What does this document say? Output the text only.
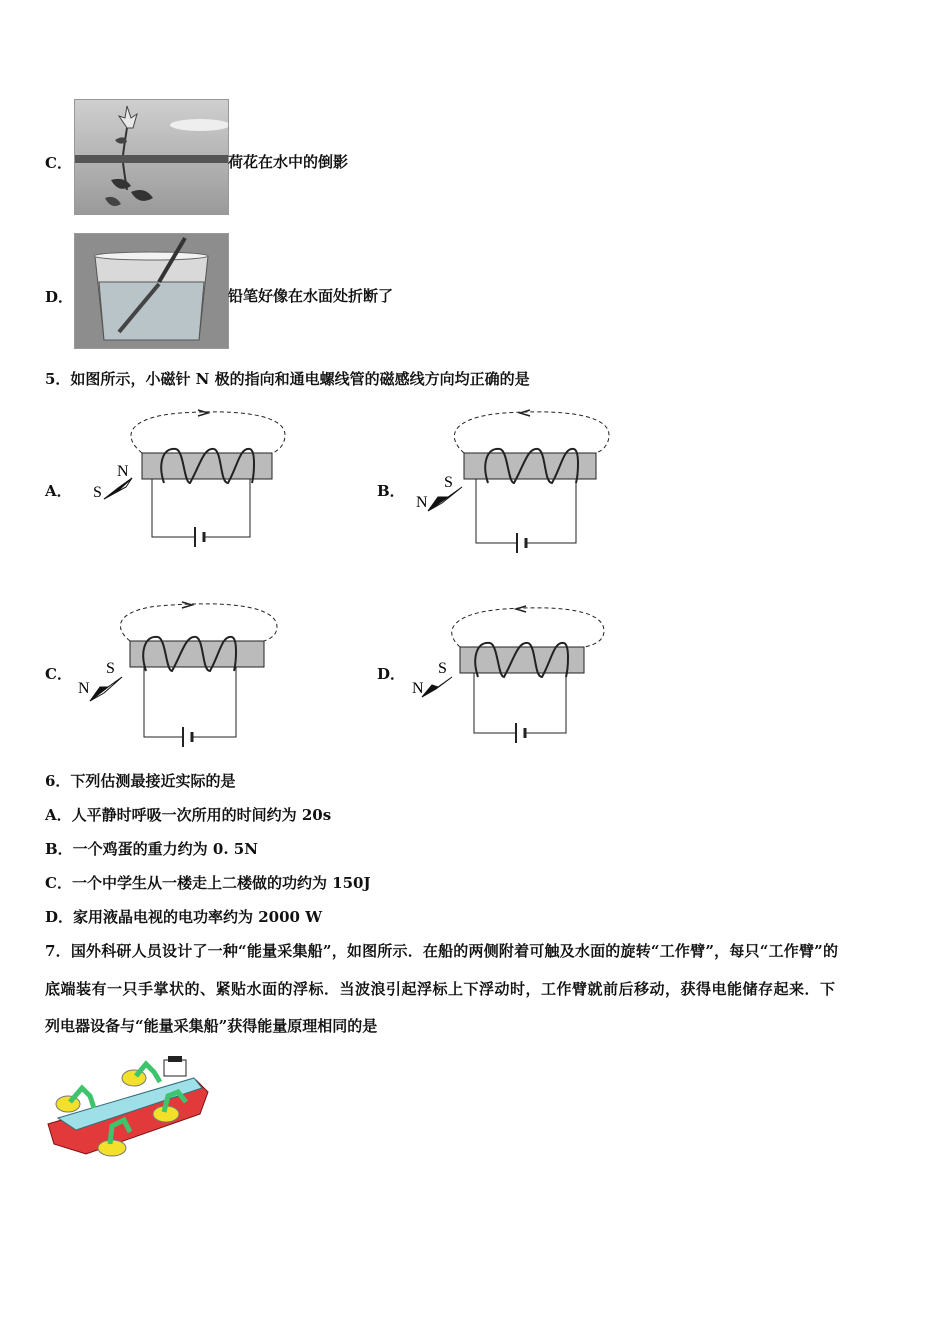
C．	荷花在水中的倒影
D．	铅笔好像在水面处折断了
5．如图所示，小磁针 N 极的指向和通电螺线管的磁感线方向均正确的是
A．
N
S	B． S
N
C． S
N
D． S
N
6．下列估测最接近实际的是
A．人平静时呼吸一次所用的时间约为 20s
B．一个鸡蛋的重力约为 0. 5N
C．一个中学生从一楼走上二楼做的功约为 150J
D．家用液晶电视的电功率约为 2000 W
7．国外科研人员设计了一种“能量采集船”，如图所示．在船的两侧附着可触及水面的旋转“工作臂”，每只“工作臂”的
底端装有一只手掌状的、紧贴水面的浮标．当波浪引起浮标上下浮动时，工作臂就前后移动，获得电能储存起来．下
列电器设备与“能量采集船”获得能量原理相同的是
